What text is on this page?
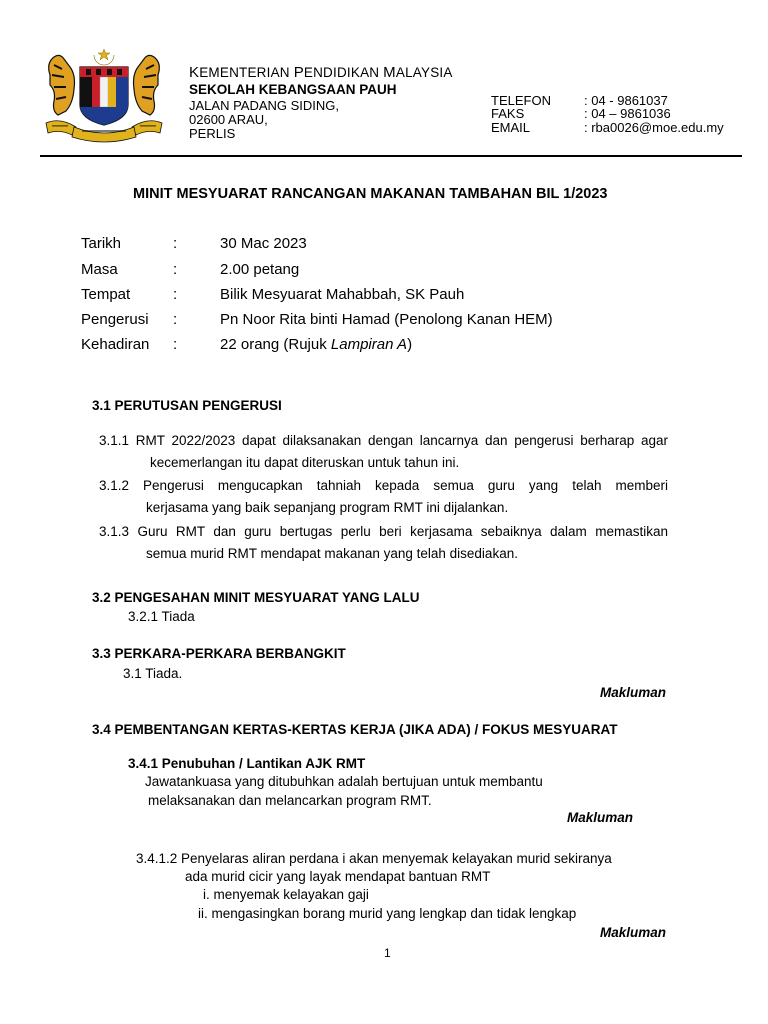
KEMENTERIAN PENDIDIKAN MALAYSIA
SEKOLAH KEBANGSAAN PAUH
JALAN PADANG SIDING,
02600 ARAU,
PERLIS
TELEFON	: 04 - 9861037
FAKS	: 04 – 9861036
EMAIL	: rba0026@moe.edu.my
MINIT MESYUARAT RANCANGAN MAKANAN TAMBAHAN BIL 1/2023
Tarikh	:	30 Mac 2023
Masa	:	2.00 petang
Tempat	:	Bilik Mesyuarat Mahabbah, SK Pauh
Pengerusi :	Pn Noor Rita binti Hamad (Penolong Kanan HEM)
Kehadiran :	22 orang (Rujuk Lampiran A)
3.1 PERUTUSAN PENGERUSI
3.1.1 RMT 2022/2023 dapat dilaksanakan dengan lancarnya dan pengerusi berharap agar
kecemerlangan itu dapat diteruskan untuk tahun ini.
3.1.2 Pengerusi mengucapkan tahniah kepada semua guru yang telah memberi
kerjasama yang baik sepanjang program RMT ini dijalankan.
3.1.3 Guru RMT dan guru bertugas perlu beri kerjasama sebaiknya dalam memastikan
semua murid RMT mendapat makanan yang telah disediakan.
3.2 PENGESAHAN MINIT MESYUARAT YANG LALU
3.2.1 Tiada
3.3 PERKARA-PERKARA BERBANGKIT
3.1 Tiada.
Makluman
3.4 PEMBENTANGAN KERTAS-KERTAS KERJA (JIKA ADA) / FOKUS MESYUARAT
3.4.1 Penubuhan / Lantikan AJK RMT
Jawatankuasa yang ditubuhkan adalah bertujuan untuk membantu
melaksanakan dan melancarkan program RMT.
Makluman
3.4.1.2 Penyelaras aliran perdana i akan menyemak kelayakan murid sekiranya
ada murid cicir yang layak mendapat bantuan RMT
i. menyemak kelayakan gaji
ii. mengasingkan borang murid yang lengkap dan tidak lengkap
Makluman
1
